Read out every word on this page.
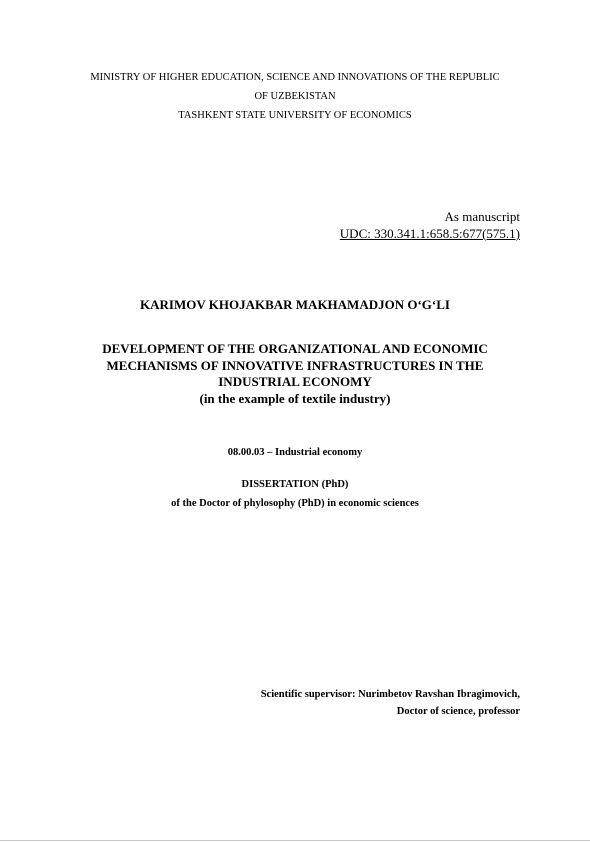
MINISTRY OF HIGHER EDUCATION, SCIENCE AND INNOVATIONS OF THE REPUBLIC
OF UZBEKISTAN
TASHKENT STATE UNIVERSITY OF ECONOMICS
As manuscript
UDC: 330.341.1:658.5:677(575.1)
KARIMOV KHOJAKBAR MAKHAMADJON O‘G‘LI
DEVELOPMENT OF THE ORGANIZATIONAL AND ECONOMIC
MECHANISMS OF INNOVATIVE INFRASTRUCTURES IN THE
INDUSTRIAL ECONOMY
(in the example of textile industry)
08.00.03 – Industrial economy
DISSERTATION (PhD)
of the Doctor of phylosophy (PhD) in economic sciences
Scientific supervisor: Nurimbetov Ravshan Ibragimovich,
Doctor of science, professor
